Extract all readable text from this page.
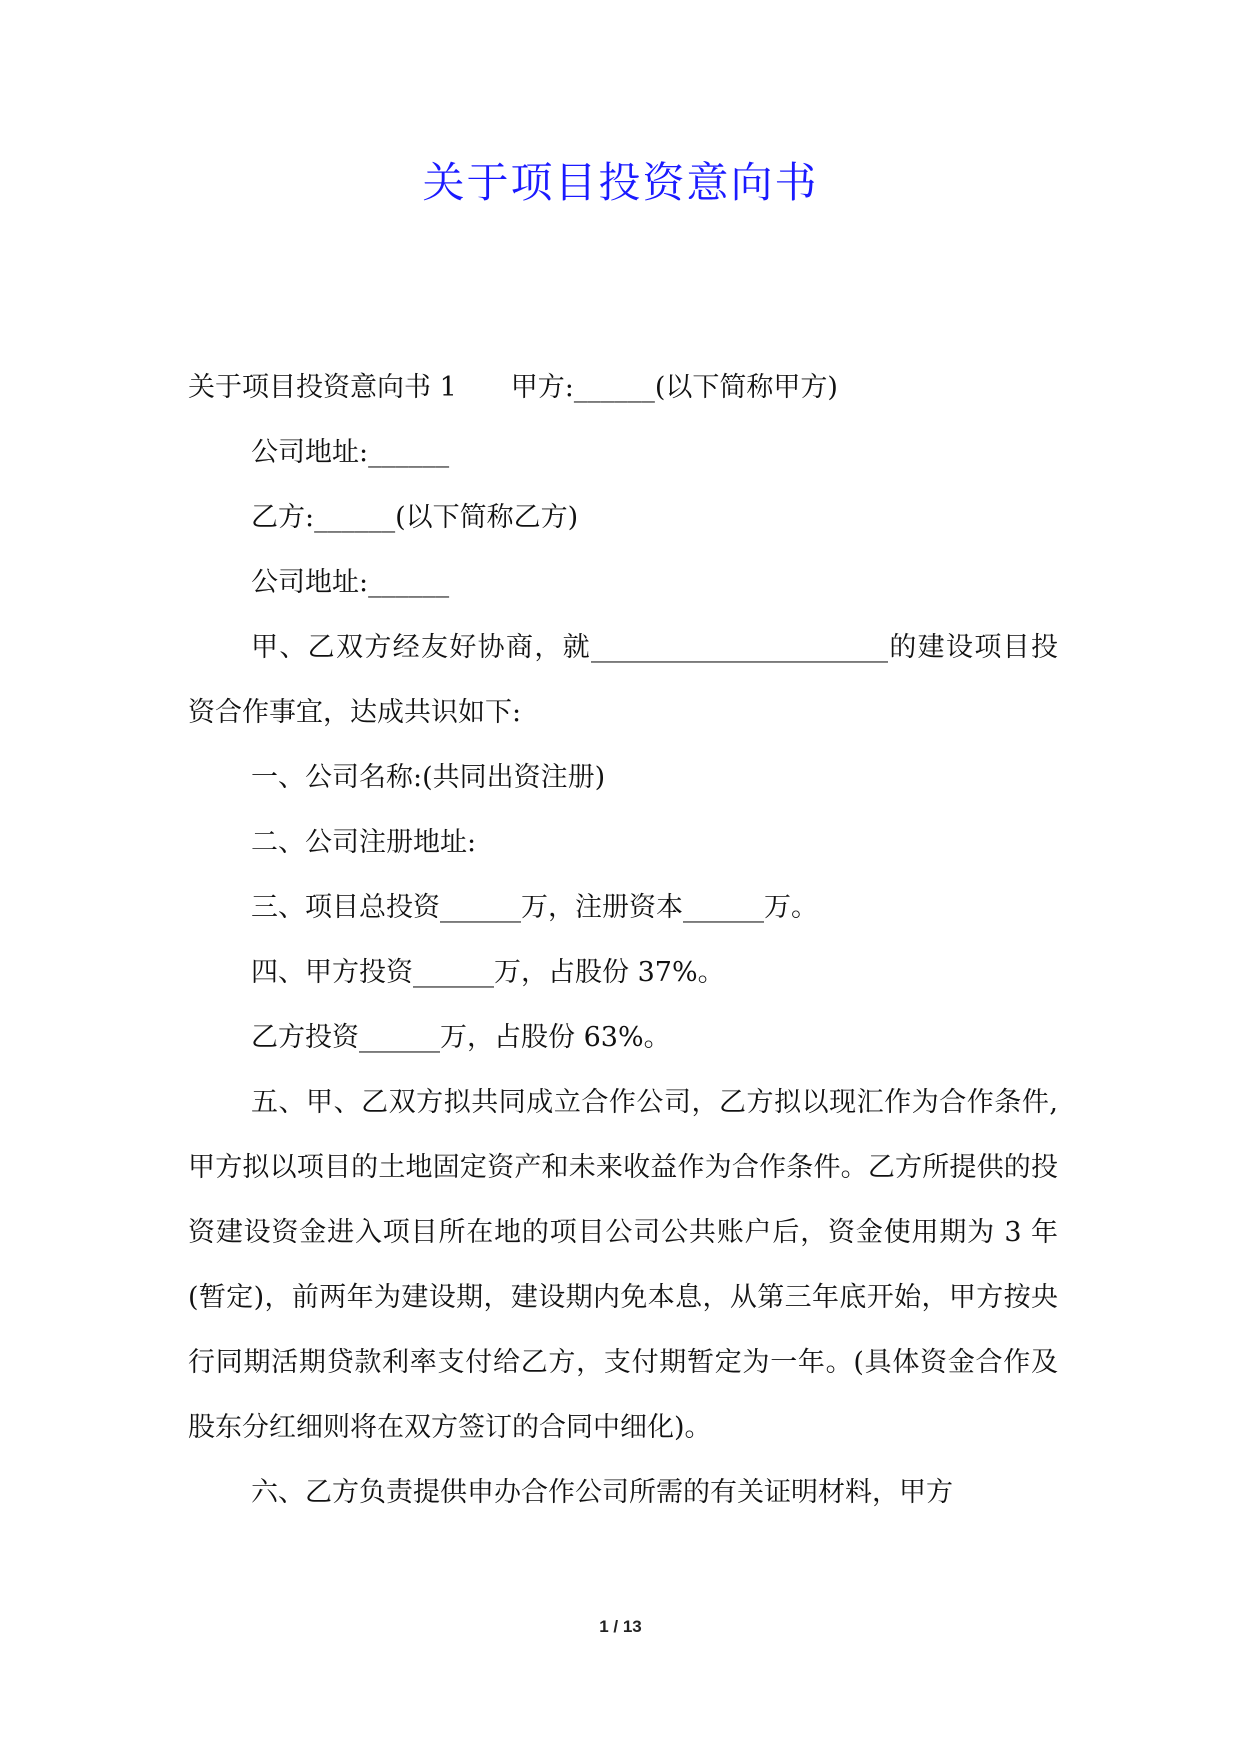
关于项目投资意向书

关于项目投资意向书 1　　甲方:______(以下简称甲方)

公司地址:______

乙方:______(以下简称乙方)

公司地址:______

甲、乙双方经友好协商，就______________________的建设项目投资合作事宜，达成共识如下:

一、公司名称:(共同出资注册)

二、公司注册地址:

三、项目总投资______万，注册资本______万。

四、甲方投资______万，占股份 37%。

乙方投资______万，占股份 63%。

五、甲、乙双方拟共同成立合作公司，乙方拟以现汇作为合作条件,甲方拟以项目的土地固定资产和未来收益作为合作条件。乙方所提供的投资建设资金进入项目所在地的项目公司公共账户后，资金使用期为 3 年(暂定)，前两年为建设期，建设期内免本息，从第三年底开始，甲方按央行同期活期贷款利率支付给乙方，支付期暂定为一年。(具体资金合作及股东分红细则将在双方签订的合同中细化)。

六、乙方负责提供申办合作公司所需的有关证明材料，甲方

1 / 13
